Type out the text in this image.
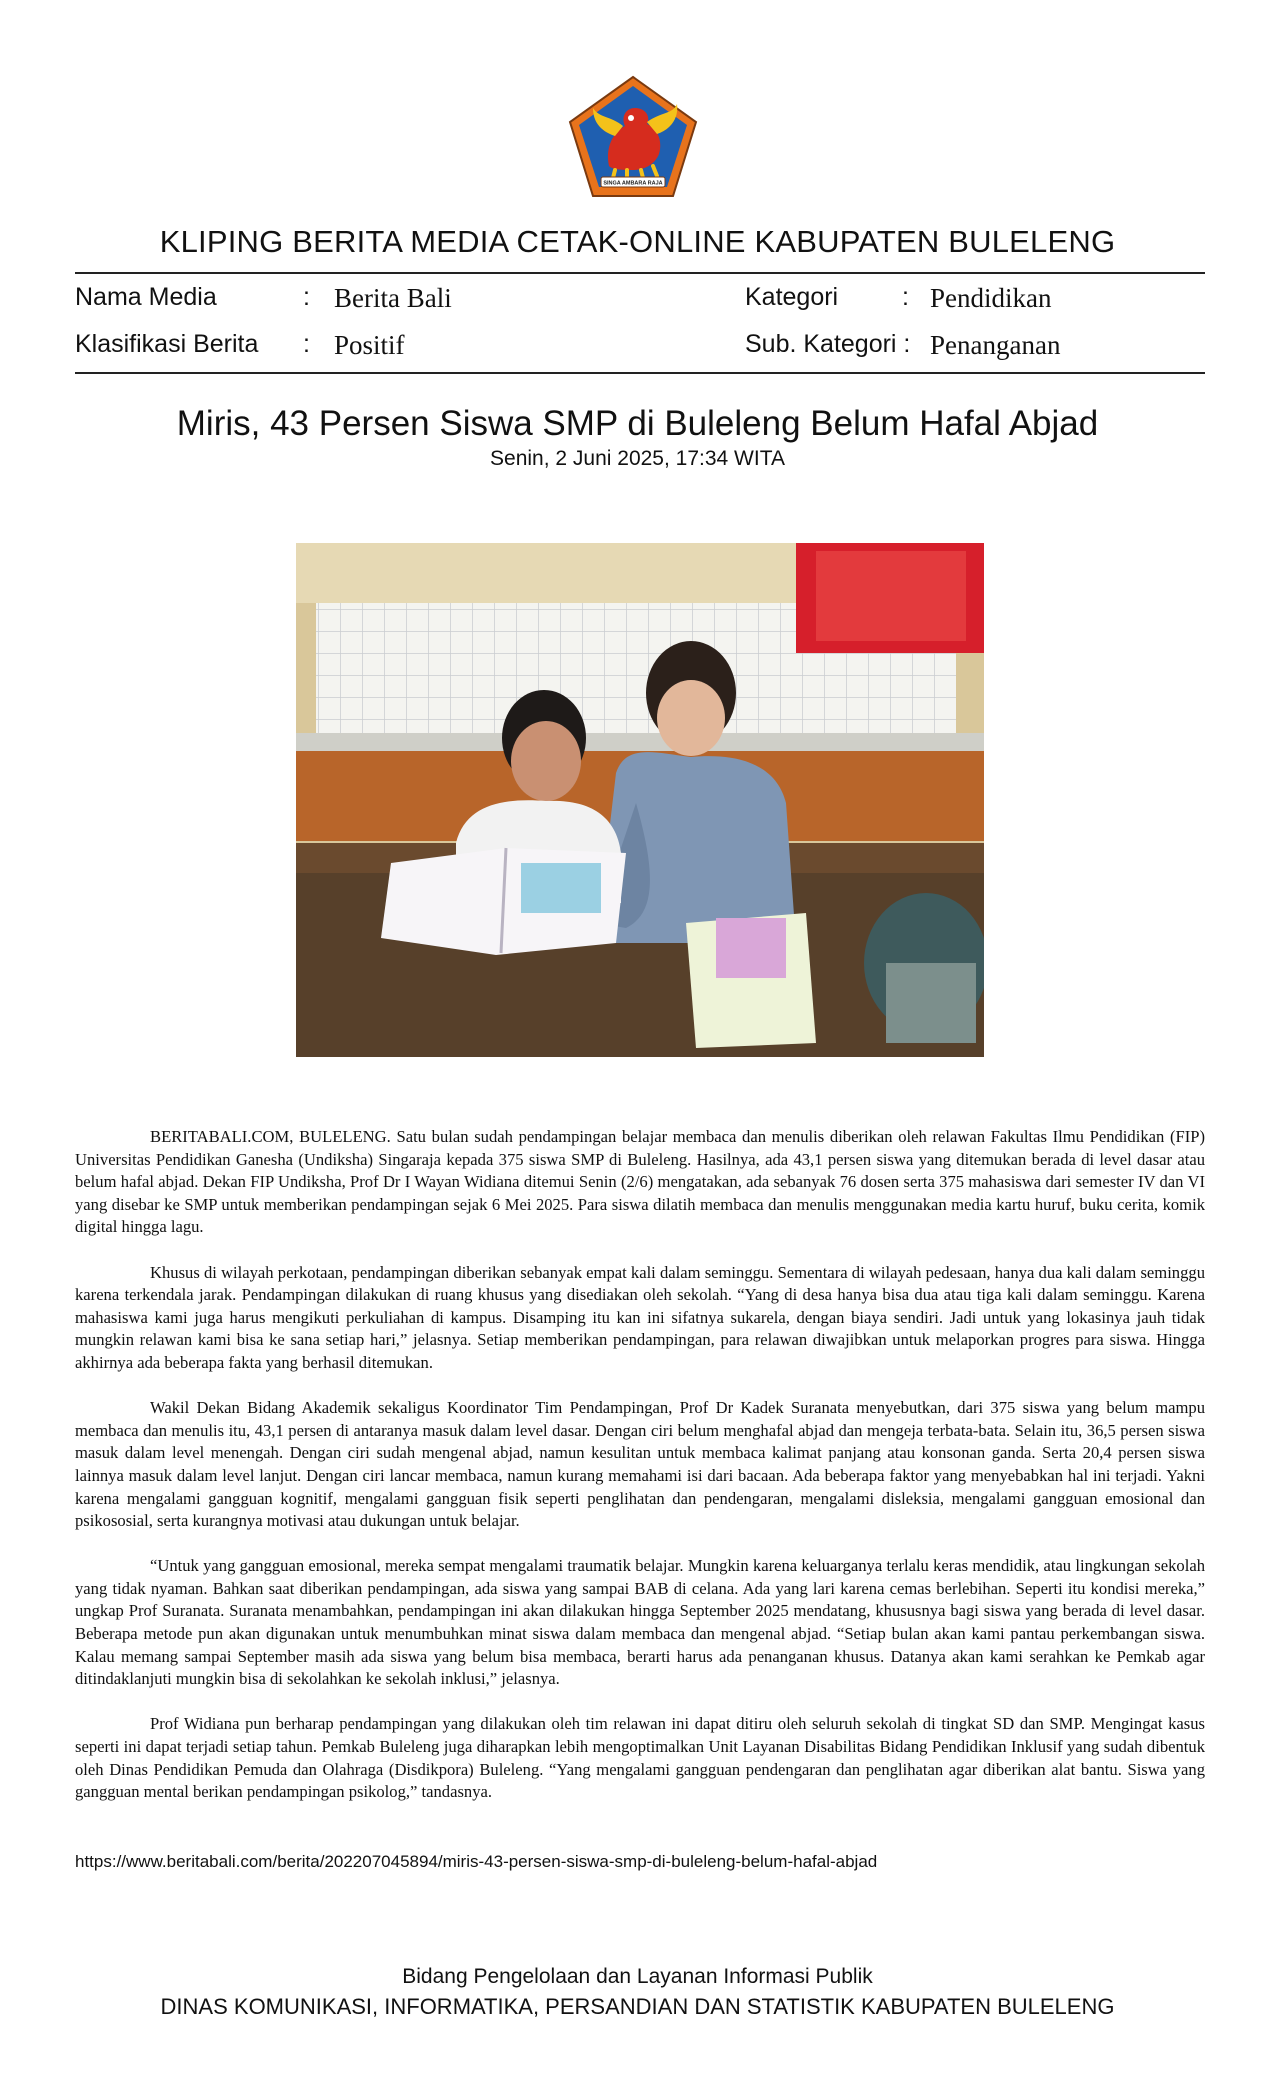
SINGA AMBARA RAJA
KLIPING BERITA MEDIA CETAK-ONLINE KABUPATEN BULELENG
Nama Media	: Berita Bali	Kategori	: Pendidikan
Klasifikasi Berita : Positif	Sub. Kategori : Penanganan
Miris, 43 Persen Siswa SMP di Buleleng Belum Hafal Abjad
Senin, 2 Juni 2025, 17:34 WITA

BERITABALI.COM, BULELENG. Satu bulan sudah pendampingan belajar membaca dan menulis diberikan oleh relawan Fakultas Ilmu Pendidikan (FIP) Universitas Pendidikan Ganesha (Undiksha) Singaraja kepada 375 siswa SMP di Buleleng. Hasilnya, ada 43,1 persen siswa yang ditemukan berada di level dasar atau belum hafal abjad. Dekan FIP Undiksha, Prof Dr I Wayan Widiana ditemui Senin (2/6) mengatakan, ada sebanyak 76 dosen serta 375 mahasiswa dari semester IV dan VI yang disebar ke SMP untuk memberikan pendampingan sejak 6 Mei 2025. Para siswa dilatih membaca dan menulis menggunakan media kartu huruf, buku cerita, komik digital hingga lagu.

Khusus di wilayah perkotaan, pendampingan diberikan sebanyak empat kali dalam seminggu. Sementara di wilayah pedesaan, hanya dua kali dalam seminggu karena terkendala jarak. Pendampingan dilakukan di ruang khusus yang disediakan oleh sekolah. “Yang di desa hanya bisa dua atau tiga kali dalam seminggu. Karena mahasiswa kami juga harus mengikuti perkuliahan di kampus. Disamping itu kan ini sifatnya sukarela, dengan biaya sendiri. Jadi untuk yang lokasinya jauh tidak mungkin relawan kami bisa ke sana setiap hari,” jelasnya. Setiap memberikan pendampingan, para relawan diwajibkan untuk melaporkan progres para siswa. Hingga akhirnya ada beberapa fakta yang berhasil ditemukan.

Wakil Dekan Bidang Akademik sekaligus Koordinator Tim Pendampingan, Prof Dr Kadek Suranata menyebutkan, dari 375 siswa yang belum mampu membaca dan menulis itu, 43,1 persen di antaranya masuk dalam level dasar. Dengan ciri belum menghafal abjad dan mengeja terbata-bata. Selain itu, 36,5 persen siswa masuk dalam level menengah. Dengan ciri sudah mengenal abjad, namun kesulitan untuk membaca kalimat panjang atau konsonan ganda. Serta 20,4 persen siswa lainnya masuk dalam level lanjut. Dengan ciri lancar membaca, namun kurang memahami isi dari bacaan. Ada beberapa faktor yang menyebabkan hal ini terjadi. Yakni karena mengalami gangguan kognitif, mengalami gangguan fisik seperti penglihatan dan pendengaran, mengalami disleksia, mengalami gangguan emosional dan psikososial, serta kurangnya motivasi atau dukungan untuk belajar.

“Untuk yang gangguan emosional, mereka sempat mengalami traumatik belajar. Mungkin karena keluarganya terlalu keras mendidik, atau lingkungan sekolah yang tidak nyaman. Bahkan saat diberikan pendampingan, ada siswa yang sampai BAB di celana. Ada yang lari karena cemas berlebihan. Seperti itu kondisi mereka,” ungkap Prof Suranata. Suranata menambahkan, pendampingan ini akan dilakukan hingga September 2025 mendatang, khususnya bagi siswa yang berada di level dasar. Beberapa metode pun akan digunakan untuk menumbuhkan minat siswa dalam membaca dan mengenal abjad. “Setiap bulan akan kami pantau perkembangan siswa. Kalau memang sampai September masih ada siswa yang belum bisa membaca, berarti harus ada penanganan khusus. Datanya akan kami serahkan ke Pemkab agar ditindaklanjuti mungkin bisa di sekolahkan ke sekolah inklusi,” jelasnya.

Prof Widiana pun berharap pendampingan yang dilakukan oleh tim relawan ini dapat ditiru oleh seluruh sekolah di tingkat SD dan SMP. Mengingat kasus seperti ini dapat terjadi setiap tahun. Pemkab Buleleng juga diharapkan lebih mengoptimalkan Unit Layanan Disabilitas Bidang Pendidikan Inklusif yang sudah dibentuk oleh Dinas Pendidikan Pemuda dan Olahraga (Disdikpora) Buleleng. “Yang mengalami gangguan pendengaran dan penglihatan agar diberikan alat bantu. Siswa yang gangguan mental berikan pendampingan psikolog,” tandasnya.

https://www.beritabali.com/berita/202207045894/miris-43-persen-siswa-smp-di-buleleng-belum-hafal-abjad
Bidang Pengelolaan dan Layanan Informasi Publik
DINAS KOMUNIKASI, INFORMATIKA, PERSANDIAN DAN STATISTIK KABUPATEN BULELENG
